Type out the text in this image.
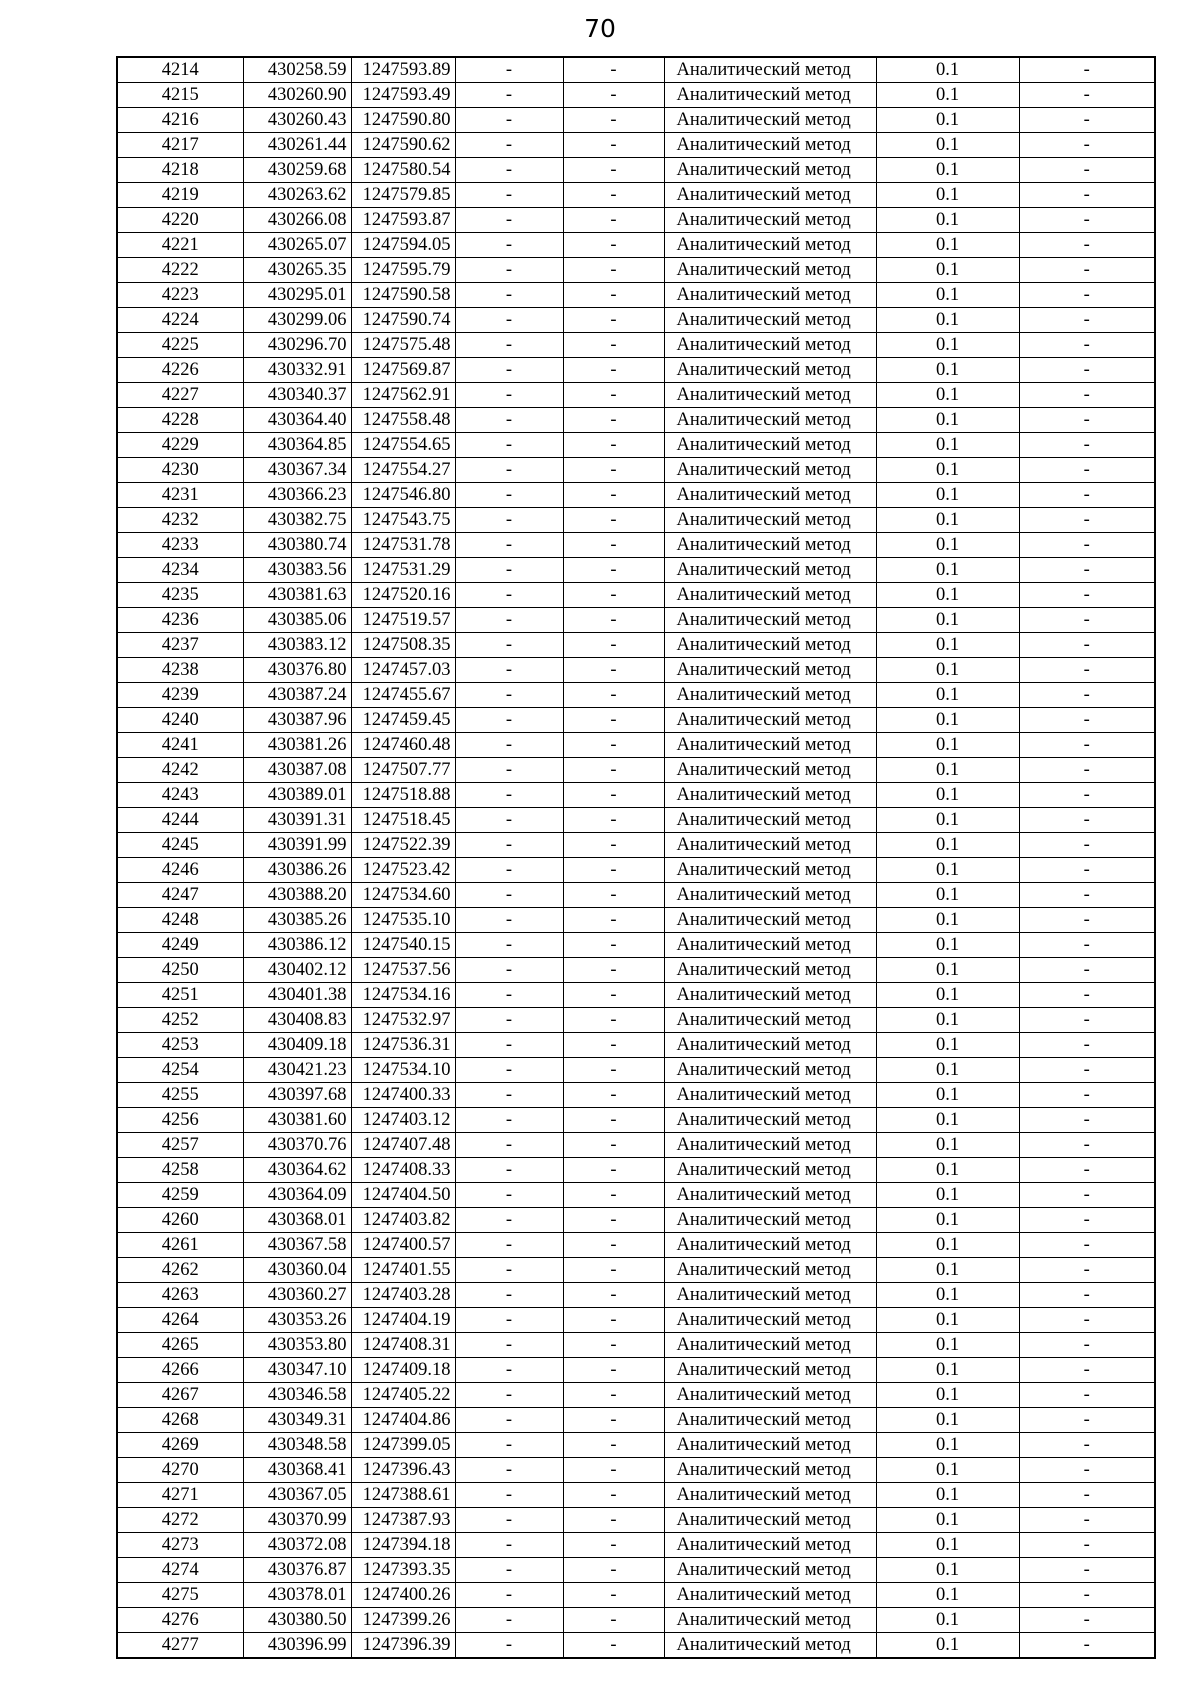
70
4214	430258.59	1247593.89	-	-	Аналитический метод	0.1	-
4215	430260.90	1247593.49	-	-	Аналитический метод	0.1	-
4216	430260.43	1247590.80	-	-	Аналитический метод	0.1	-
4217	430261.44	1247590.62	-	-	Аналитический метод	0.1	-
4218	430259.68	1247580.54	-	-	Аналитический метод	0.1	-
4219	430263.62	1247579.85	-	-	Аналитический метод	0.1	-
4220	430266.08	1247593.87	-	-	Аналитический метод	0.1	-
4221	430265.07	1247594.05	-	-	Аналитический метод	0.1	-
4222	430265.35	1247595.79	-	-	Аналитический метод	0.1	-
4223	430295.01	1247590.58	-	-	Аналитический метод	0.1	-
4224	430299.06	1247590.74	-	-	Аналитический метод	0.1	-
4225	430296.70	1247575.48	-	-	Аналитический метод	0.1	-
4226	430332.91	1247569.87	-	-	Аналитический метод	0.1	-
4227	430340.37	1247562.91	-	-	Аналитический метод	0.1	-
4228	430364.40	1247558.48	-	-	Аналитический метод	0.1	-
4229	430364.85	1247554.65	-	-	Аналитический метод	0.1	-
4230	430367.34	1247554.27	-	-	Аналитический метод	0.1	-
4231	430366.23	1247546.80	-	-	Аналитический метод	0.1	-
4232	430382.75	1247543.75	-	-	Аналитический метод	0.1	-
4233	430380.74	1247531.78	-	-	Аналитический метод	0.1	-
4234	430383.56	1247531.29	-	-	Аналитический метод	0.1	-
4235	430381.63	1247520.16	-	-	Аналитический метод	0.1	-
4236	430385.06	1247519.57	-	-	Аналитический метод	0.1	-
4237	430383.12	1247508.35	-	-	Аналитический метод	0.1	-
4238	430376.80	1247457.03	-	-	Аналитический метод	0.1	-
4239	430387.24	1247455.67	-	-	Аналитический метод	0.1	-
4240	430387.96	1247459.45	-	-	Аналитический метод	0.1	-
4241	430381.26	1247460.48	-	-	Аналитический метод	0.1	-
4242	430387.08	1247507.77	-	-	Аналитический метод	0.1	-
4243	430389.01	1247518.88	-	-	Аналитический метод	0.1	-
4244	430391.31	1247518.45	-	-	Аналитический метод	0.1	-
4245	430391.99	1247522.39	-	-	Аналитический метод	0.1	-
4246	430386.26	1247523.42	-	-	Аналитический метод	0.1	-
4247	430388.20	1247534.60	-	-	Аналитический метод	0.1	-
4248	430385.26	1247535.10	-	-	Аналитический метод	0.1	-
4249	430386.12	1247540.15	-	-	Аналитический метод	0.1	-
4250	430402.12	1247537.56	-	-	Аналитический метод	0.1	-
4251	430401.38	1247534.16	-	-	Аналитический метод	0.1	-
4252	430408.83	1247532.97	-	-	Аналитический метод	0.1	-
4253	430409.18	1247536.31	-	-	Аналитический метод	0.1	-
4254	430421.23	1247534.10	-	-	Аналитический метод	0.1	-
4255	430397.68	1247400.33	-	-	Аналитический метод	0.1	-
4256	430381.60	1247403.12	-	-	Аналитический метод	0.1	-
4257	430370.76	1247407.48	-	-	Аналитический метод	0.1	-
4258	430364.62	1247408.33	-	-	Аналитический метод	0.1	-
4259	430364.09	1247404.50	-	-	Аналитический метод	0.1	-
4260	430368.01	1247403.82	-	-	Аналитический метод	0.1	-
4261	430367.58	1247400.57	-	-	Аналитический метод	0.1	-
4262	430360.04	1247401.55	-	-	Аналитический метод	0.1	-
4263	430360.27	1247403.28	-	-	Аналитический метод	0.1	-
4264	430353.26	1247404.19	-	-	Аналитический метод	0.1	-
4265	430353.80	1247408.31	-	-	Аналитический метод	0.1	-
4266	430347.10	1247409.18	-	-	Аналитический метод	0.1	-
4267	430346.58	1247405.22	-	-	Аналитический метод	0.1	-
4268	430349.31	1247404.86	-	-	Аналитический метод	0.1	-
4269	430348.58	1247399.05	-	-	Аналитический метод	0.1	-
4270	430368.41	1247396.43	-	-	Аналитический метод	0.1	-
4271	430367.05	1247388.61	-	-	Аналитический метод	0.1	-
4272	430370.99	1247387.93	-	-	Аналитический метод	0.1	-
4273	430372.08	1247394.18	-	-	Аналитический метод	0.1	-
4274	430376.87	1247393.35	-	-	Аналитический метод	0.1	-
4275	430378.01	1247400.26	-	-	Аналитический метод	0.1	-
4276	430380.50	1247399.26	-	-	Аналитический метод	0.1	-
4277	430396.99	1247396.39	-	-	Аналитический метод	0.1	-
